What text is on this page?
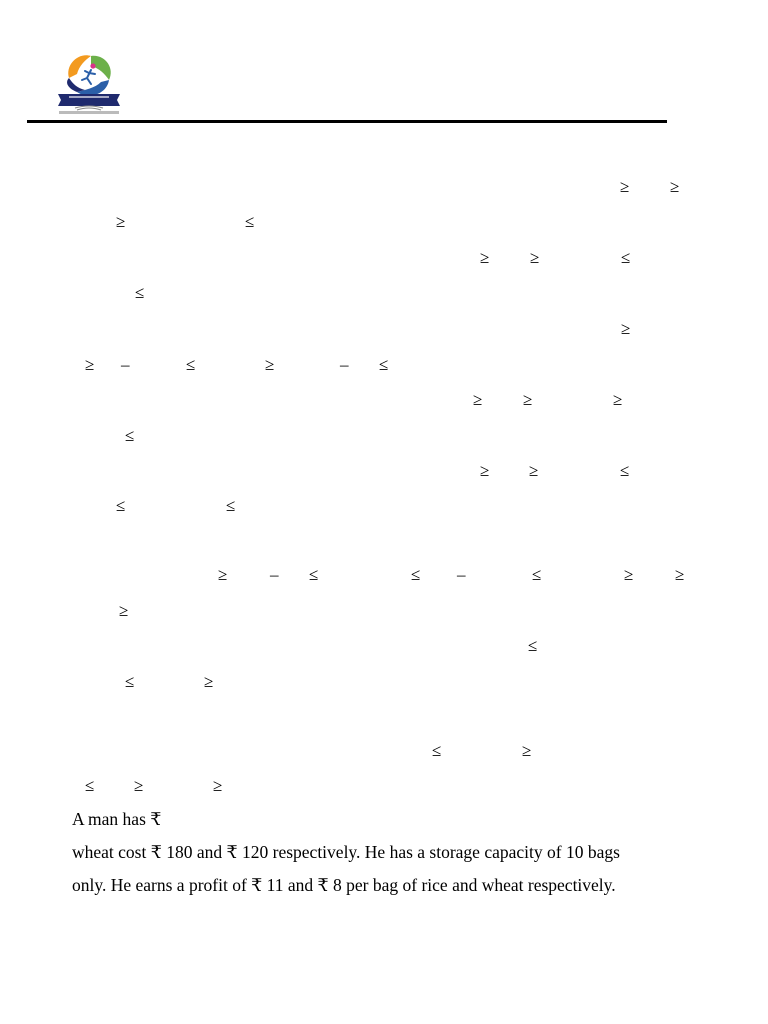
≥ ≥
≥	≤
≥ ≥	≤
≤
≥
≥ –	≤	≥	– ≤
≥ ≥	≥
≤
≥ ≥	≤
≤	≤
≥	– ≤	≤ –	≤	≥ ≥
≥
≤
≤	≥
≤	≥
≤ ≥	≥
A man has ₹
wheat cost ₹ 180 and ₹ 120 respectively. He has a storage capacity of 10 bags
only. He earns a profit of ₹ 11 and ₹ 8 per bag of rice and wheat respectively.
